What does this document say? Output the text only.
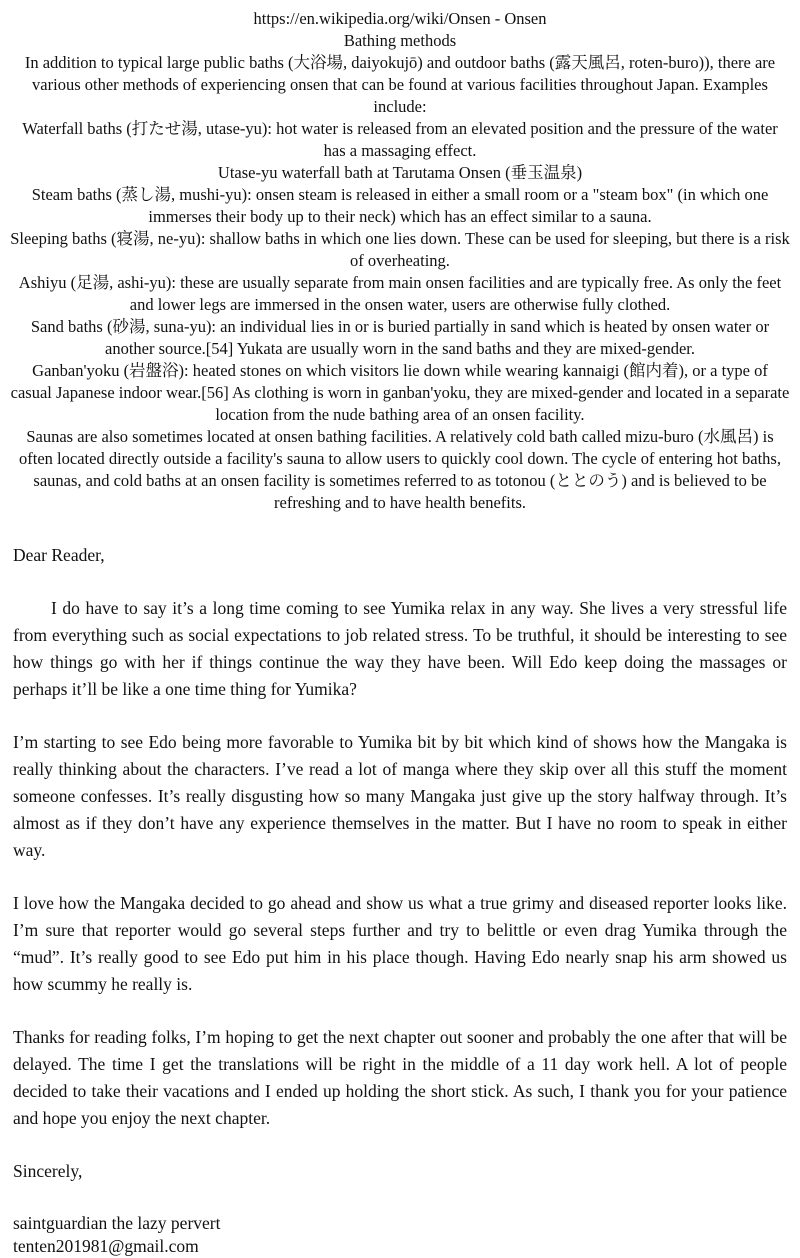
https://en.wikipedia.org/wiki/Onsen - Onsen
Bathing methods
In addition to typical large public baths (大浴場, daiyokujō) and outdoor baths (露天風呂, roten-buro)), there are various other methods of experiencing onsen that can be found at various facilities throughout Japan. Examples include:
Waterfall baths (打たせ湯, utase-yu): hot water is released from an elevated position and the pressure of the water has a massaging effect.
Utase-yu waterfall bath at Tarutama Onsen (垂玉温泉)
Steam baths (蒸し湯, mushi-yu): onsen steam is released in either a small room or a "steam box" (in which one immerses their body up to their neck) which has an effect similar to a sauna.
Sleeping baths (寝湯, ne-yu): shallow baths in which one lies down. These can be used for sleeping, but there is a risk of overheating.
Ashiyu (足湯, ashi-yu): these are usually separate from main onsen facilities and are typically free. As only the feet and lower legs are immersed in the onsen water, users are otherwise fully clothed.
Sand baths (砂湯, suna-yu): an individual lies in or is buried partially in sand which is heated by onsen water or another source.[54] Yukata are usually worn in the sand baths and they are mixed-gender.
Ganban'yoku (岩盤浴): heated stones on which visitors lie down while wearing kannaigi (館内着), or a type of casual Japanese indoor wear.[56] As clothing is worn in ganban'yoku, they are mixed-gender and located in a separate location from the nude bathing area of an onsen facility.
Saunas are also sometimes located at onsen bathing facilities. A relatively cold bath called mizu-buro (水風呂) is often located directly outside a facility's sauna to allow users to quickly cool down. The cycle of entering hot baths, saunas, and cold baths at an onsen facility is sometimes referred to as totonou (ととのう) and is believed to be refreshing and to have health benefits.
Dear Reader,

I do have to say it’s a long time coming to see Yumika relax in any way. She lives a very stressful life from everything such as social expectations to job related stress. To be truthful, it should be interesting to see how things go with her if things continue the way they have been. Will Edo keep doing the massages or perhaps it’ll be like a one time thing for Yumika?

I’m starting to see Edo being more favorable to Yumika bit by bit which kind of shows how the Mangaka is really thinking about the characters. I’ve read a lot of manga where they skip over all this stuff the moment someone confesses. It’s really disgusting how so many Mangaka just give up the story halfway through. It’s almost as if they don’t have any experience themselves in the matter. But I have no room to speak in either way.

I love how the Mangaka decided to go ahead and show us what a true grimy and diseased reporter looks like. I’m sure that reporter would go several steps further and try to belittle or even drag Yumika through the “mud”. It’s really good to see Edo put him in his place though. Having Edo nearly snap his arm showed us how scummy he really is.

Thanks for reading folks, I’m hoping to get the next chapter out sooner and probably the one after that will be delayed. The time I get the translations will be right in the middle of a 11 day work hell. A lot of people decided to take their vacations and I ended up holding the short stick. As such, I thank you for your patience and hope you enjoy the next chapter.

Sincerely,
saintguardian the lazy pervert
tenten201981@gmail.com
